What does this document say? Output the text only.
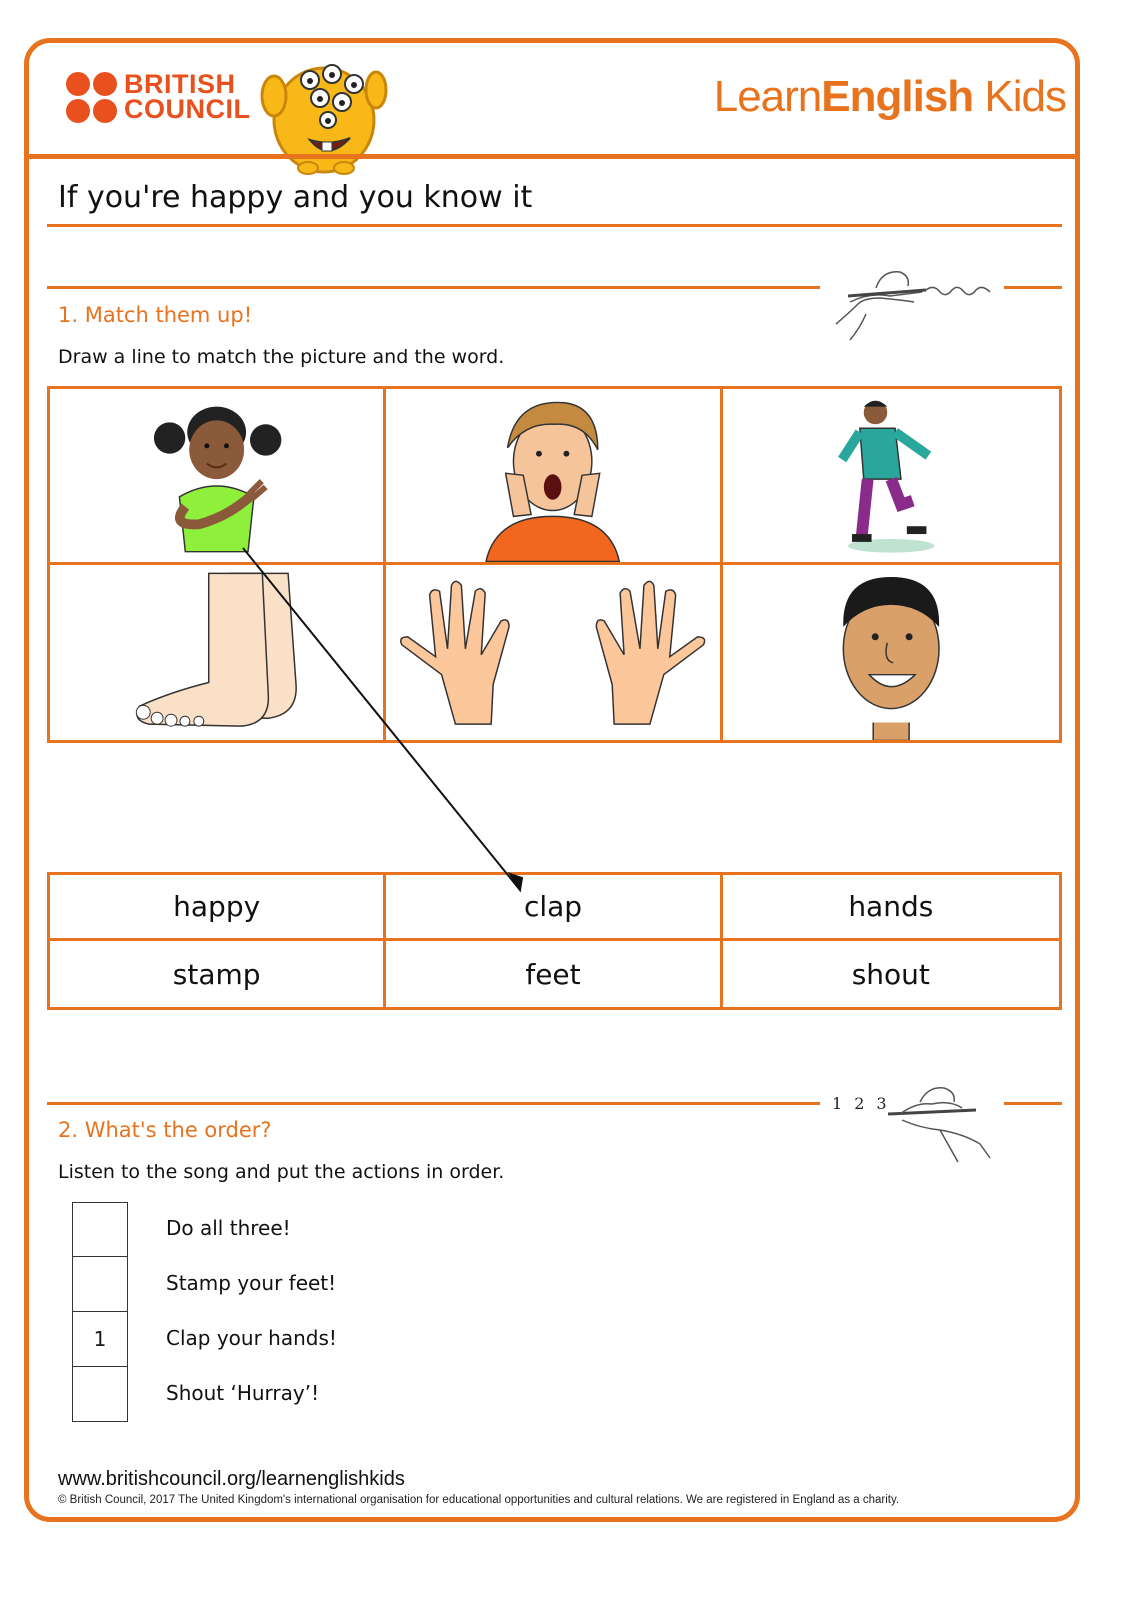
BRITISH
COUNCIL	LearnEnglish Kids
If you're happy and you know it
1. Match them up!
Draw a line to match the picture and the word.
happy	clap	hands
stamp	feet	shout
123
2. What's the order?
Listen to the song and put the actions in order.
Do all three!
Stamp your feet!
1	Clap your hands!
Shout ‘Hurray’!
www.britishcouncil.org/learnenglishkids
© British Council, 2017 The United Kingdom's international organisation for educational opportunities and cultural relations. We are registered in England as a charity.
